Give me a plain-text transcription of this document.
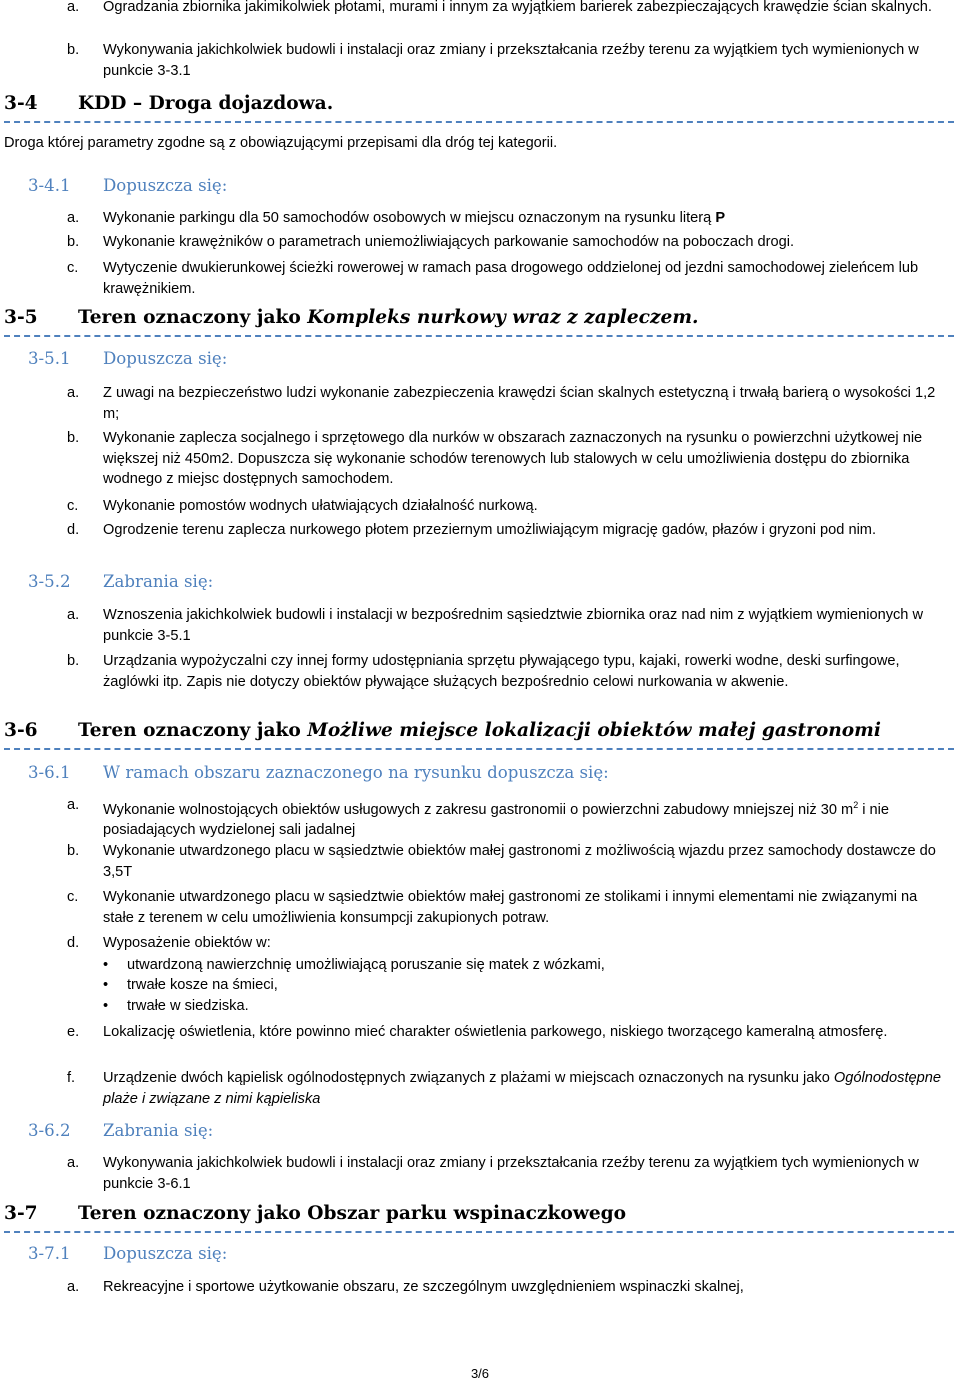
a. Ogradzania zbiornika jakimikolwiek płotami, murami i innym za wyjątkiem barierek zabezpieczających krawędzie ścian skalnych.
b. Wykonywania jakichkolwiek budowli i instalacji oraz zmiany i przekształcania rzeźby terenu za wyjątkiem tych wymienionych w punkcie 3-3.1
3-4 KDD – Droga dojazdowa.
Droga której parametry zgodne są z obowiązującymi przepisami dla dróg tej kategorii.
3-4.1 Dopuszcza się:
a. Wykonanie parkingu dla 50 samochodów osobowych w miejscu oznaczonym na rysunku literą P
b. Wykonanie krawężników o parametrach uniemożliwiających parkowanie samochodów na poboczach drogi.
c. Wytyczenie dwukierunkowej ścieżki rowerowej w ramach pasa drogowego oddzielonej od jezdni samochodowej zieleńcem lub krawężnikiem.
3-5 Teren oznaczony jako Kompleks nurkowy wraz z zapleczem.
3-5.1 Dopuszcza się:
a. Z uwagi na bezpieczeństwo ludzi wykonanie zabezpieczenia krawędzi ścian skalnych estetyczną i trwałą barierą o wysokości 1,2 m;
b. Wykonanie zaplecza socjalnego i sprzętowego dla nurków w obszarach zaznaczonych na rysunku o powierzchni użytkowej nie większej niż 450m2. Dopuszcza się wykonanie schodów terenowych lub stalowych w celu umożliwienia dostępu do zbiornika wodnego z miejsc dostępnych samochodem.
c. Wykonanie pomostów wodnych ułatwiających działalność nurkową.
d. Ogrodzenie terenu zaplecza nurkowego płotem przeziernym umożliwiającym migrację gadów, płazów i gryzoni pod nim.
3-5.2 Zabrania się:
a. Wznoszenia jakichkolwiek budowli i instalacji w bezpośrednim sąsiedztwie zbiornika oraz nad nim z wyjątkiem wymienionych w punkcie 3-5.1
b. Urządzania wypożyczalni czy innej formy udostępniania sprzętu pływającego typu, kajaki, rowerki wodne, deski surfingowe, żaglówki itp. Zapis nie dotyczy obiektów pływające służących bezpośrednio celowi nurkowania w akwenie.
3-6 Teren oznaczony jako Możliwe miejsce lokalizacji obiektów małej gastronomi
3-6.1 W ramach obszaru zaznaczonego na rysunku dopuszcza się:
a. Wykonanie wolnostojących obiektów usługowych z zakresu gastronomii o powierzchni zabudowy mniejszej niż 30 $m^2$ i nie posiadających wydzielonej sali jadalnej
b. Wykonanie utwardzonego placu w sąsiedztwie obiektów małej gastronomi z możliwością wjazdu przez samochody dostawcze do 3,5T
c. Wykonanie utwardzonego placu w sąsiedztwie obiektów małej gastronomi ze stolikami i innymi elementami nie związanymi na stałe z terenem w celu umożliwienia konsumpcji zakupionych potraw.
d. Wyposażenie obiektów w:
• utwardzoną nawierzchnię umożliwiającą poruszanie się matek z wózkami,
• trwałe kosze na śmieci,
• trwałe w siedziska.
e. Lokalizację oświetlenia, które powinno mieć charakter oświetlenia parkowego, niskiego tworzącego kameralną atmosferę.
f. Urządzenie dwóch kąpielisk ogólnodostępnych związanych z plażami w miejscach oznaczonych na rysunku jako Ogólnodostępne plaże i związane z nimi kąpieliska
3-6.2 Zabrania się:
a. Wykonywania jakichkolwiek budowli i instalacji oraz zmiany i przekształcania rzeźby terenu za wyjątkiem tych wymienionych w punkcie 3-6.1
3-7 Teren oznaczony jako Obszar parku wspinaczkowego
3-7.1 Dopuszcza się:
a. Rekreacyjne i sportowe użytkowanie obszaru, ze szczególnym uwzględnieniem wspinaczki skalnej,
3/6
